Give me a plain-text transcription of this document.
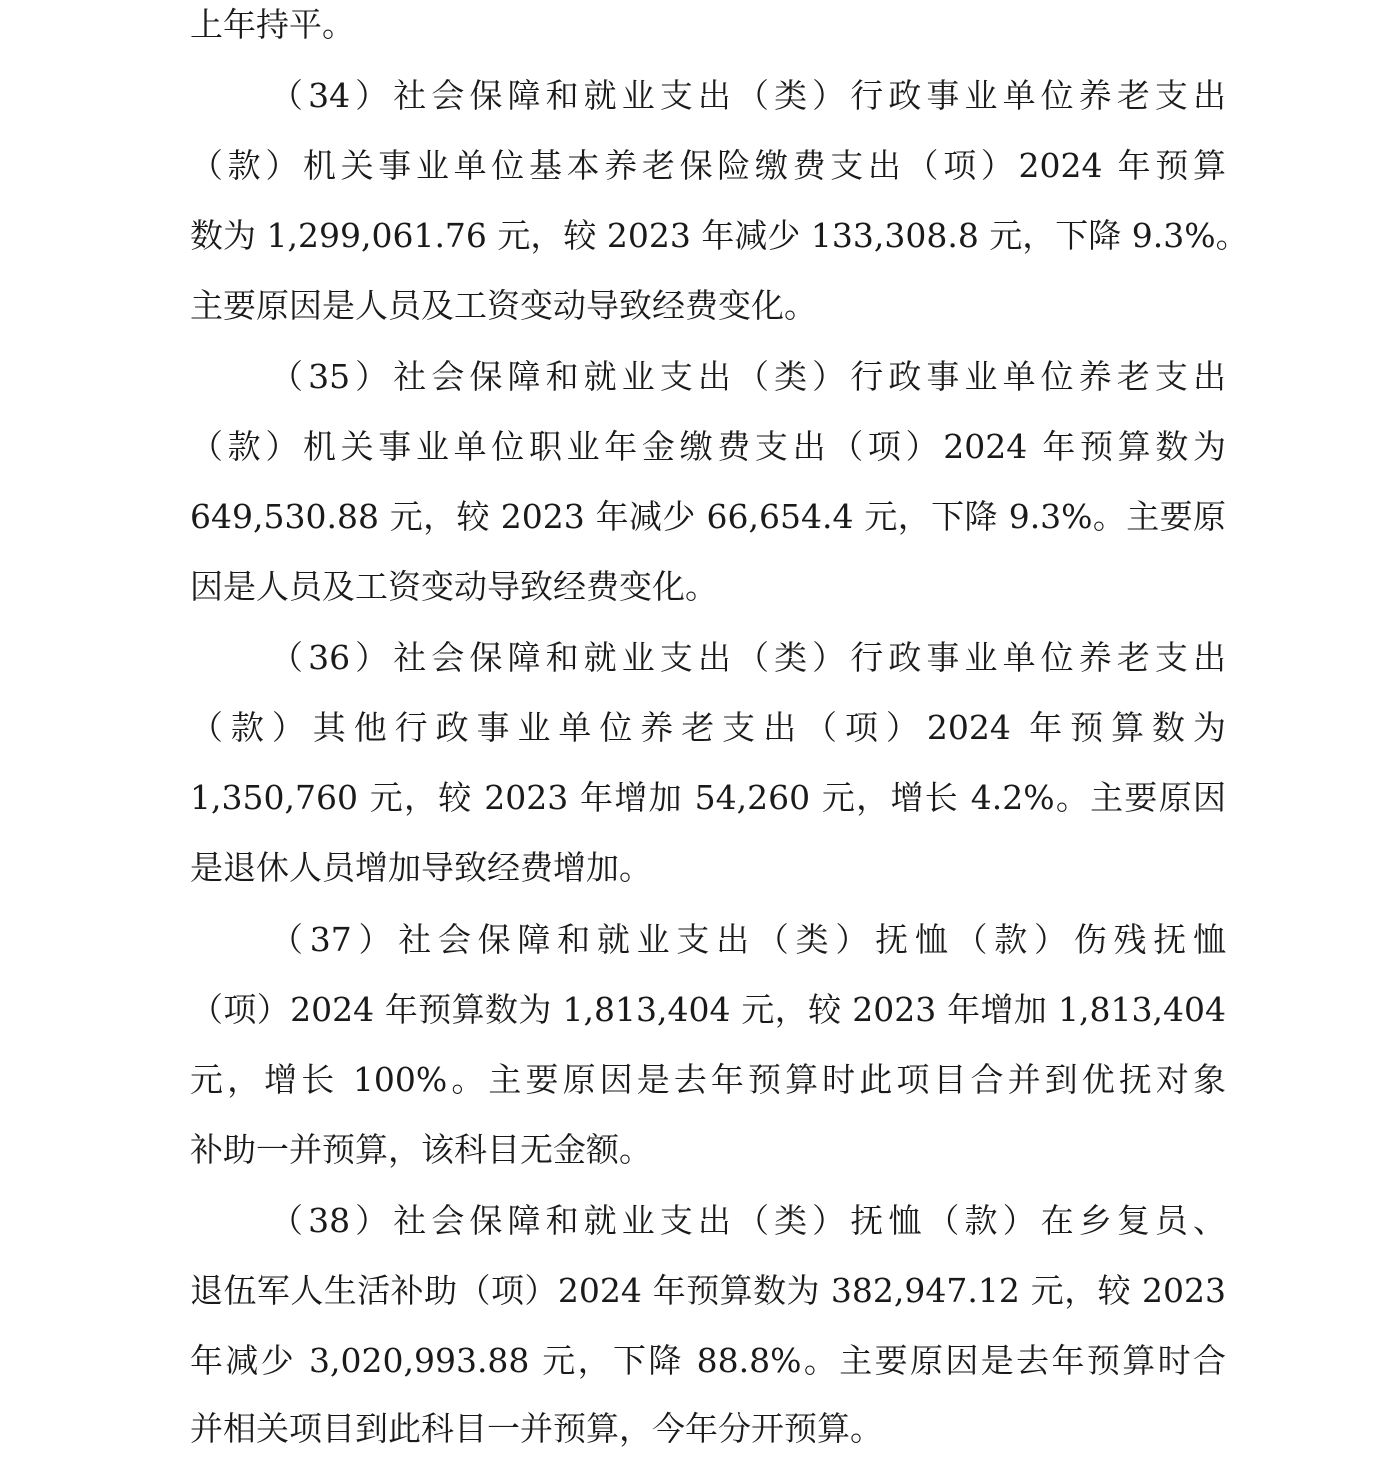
上年持平。
（34）社会保障和就业支出（类）行政事业单位养老支出
（款）机关事业单位基本养老保险缴费支出（项）2024 年预算
数为 1,299,061.76 元，较 2023 年减少 133,308.8 元，下降 9.3%。
主要原因是人员及工资变动导致经费变化。
（35）社会保障和就业支出（类）行政事业单位养老支出
（款）机关事业单位职业年金缴费支出（项）2024 年预算数为
649,530.88 元，较 2023 年减少 66,654.4 元，下降 9.3%。主要原
因是人员及工资变动导致经费变化。
（36）社会保障和就业支出（类）行政事业单位养老支出
（款）其他行政事业单位养老支出（项）2024 年预算数为
1,350,760 元，较 2023 年增加 54,260 元，增长 4.2%。主要原因
是退休人员增加导致经费增加。
（37）社会保障和就业支出（类）抚恤（款）伤残抚恤
（项）2024 年预算数为 1,813,404 元，较 2023 年增加 1,813,404
元，增长 100%。主要原因是去年预算时此项目合并到优抚对象
补助一并预算，该科目无金额。
（38）社会保障和就业支出（类）抚恤（款）在乡复员、
退伍军人生活补助（项）2024 年预算数为 382,947.12 元，较 2023
年减少 3,020,993.88 元，下降 88.8%。主要原因是去年预算时合
并相关项目到此科目一并预算，今年分开预算。
